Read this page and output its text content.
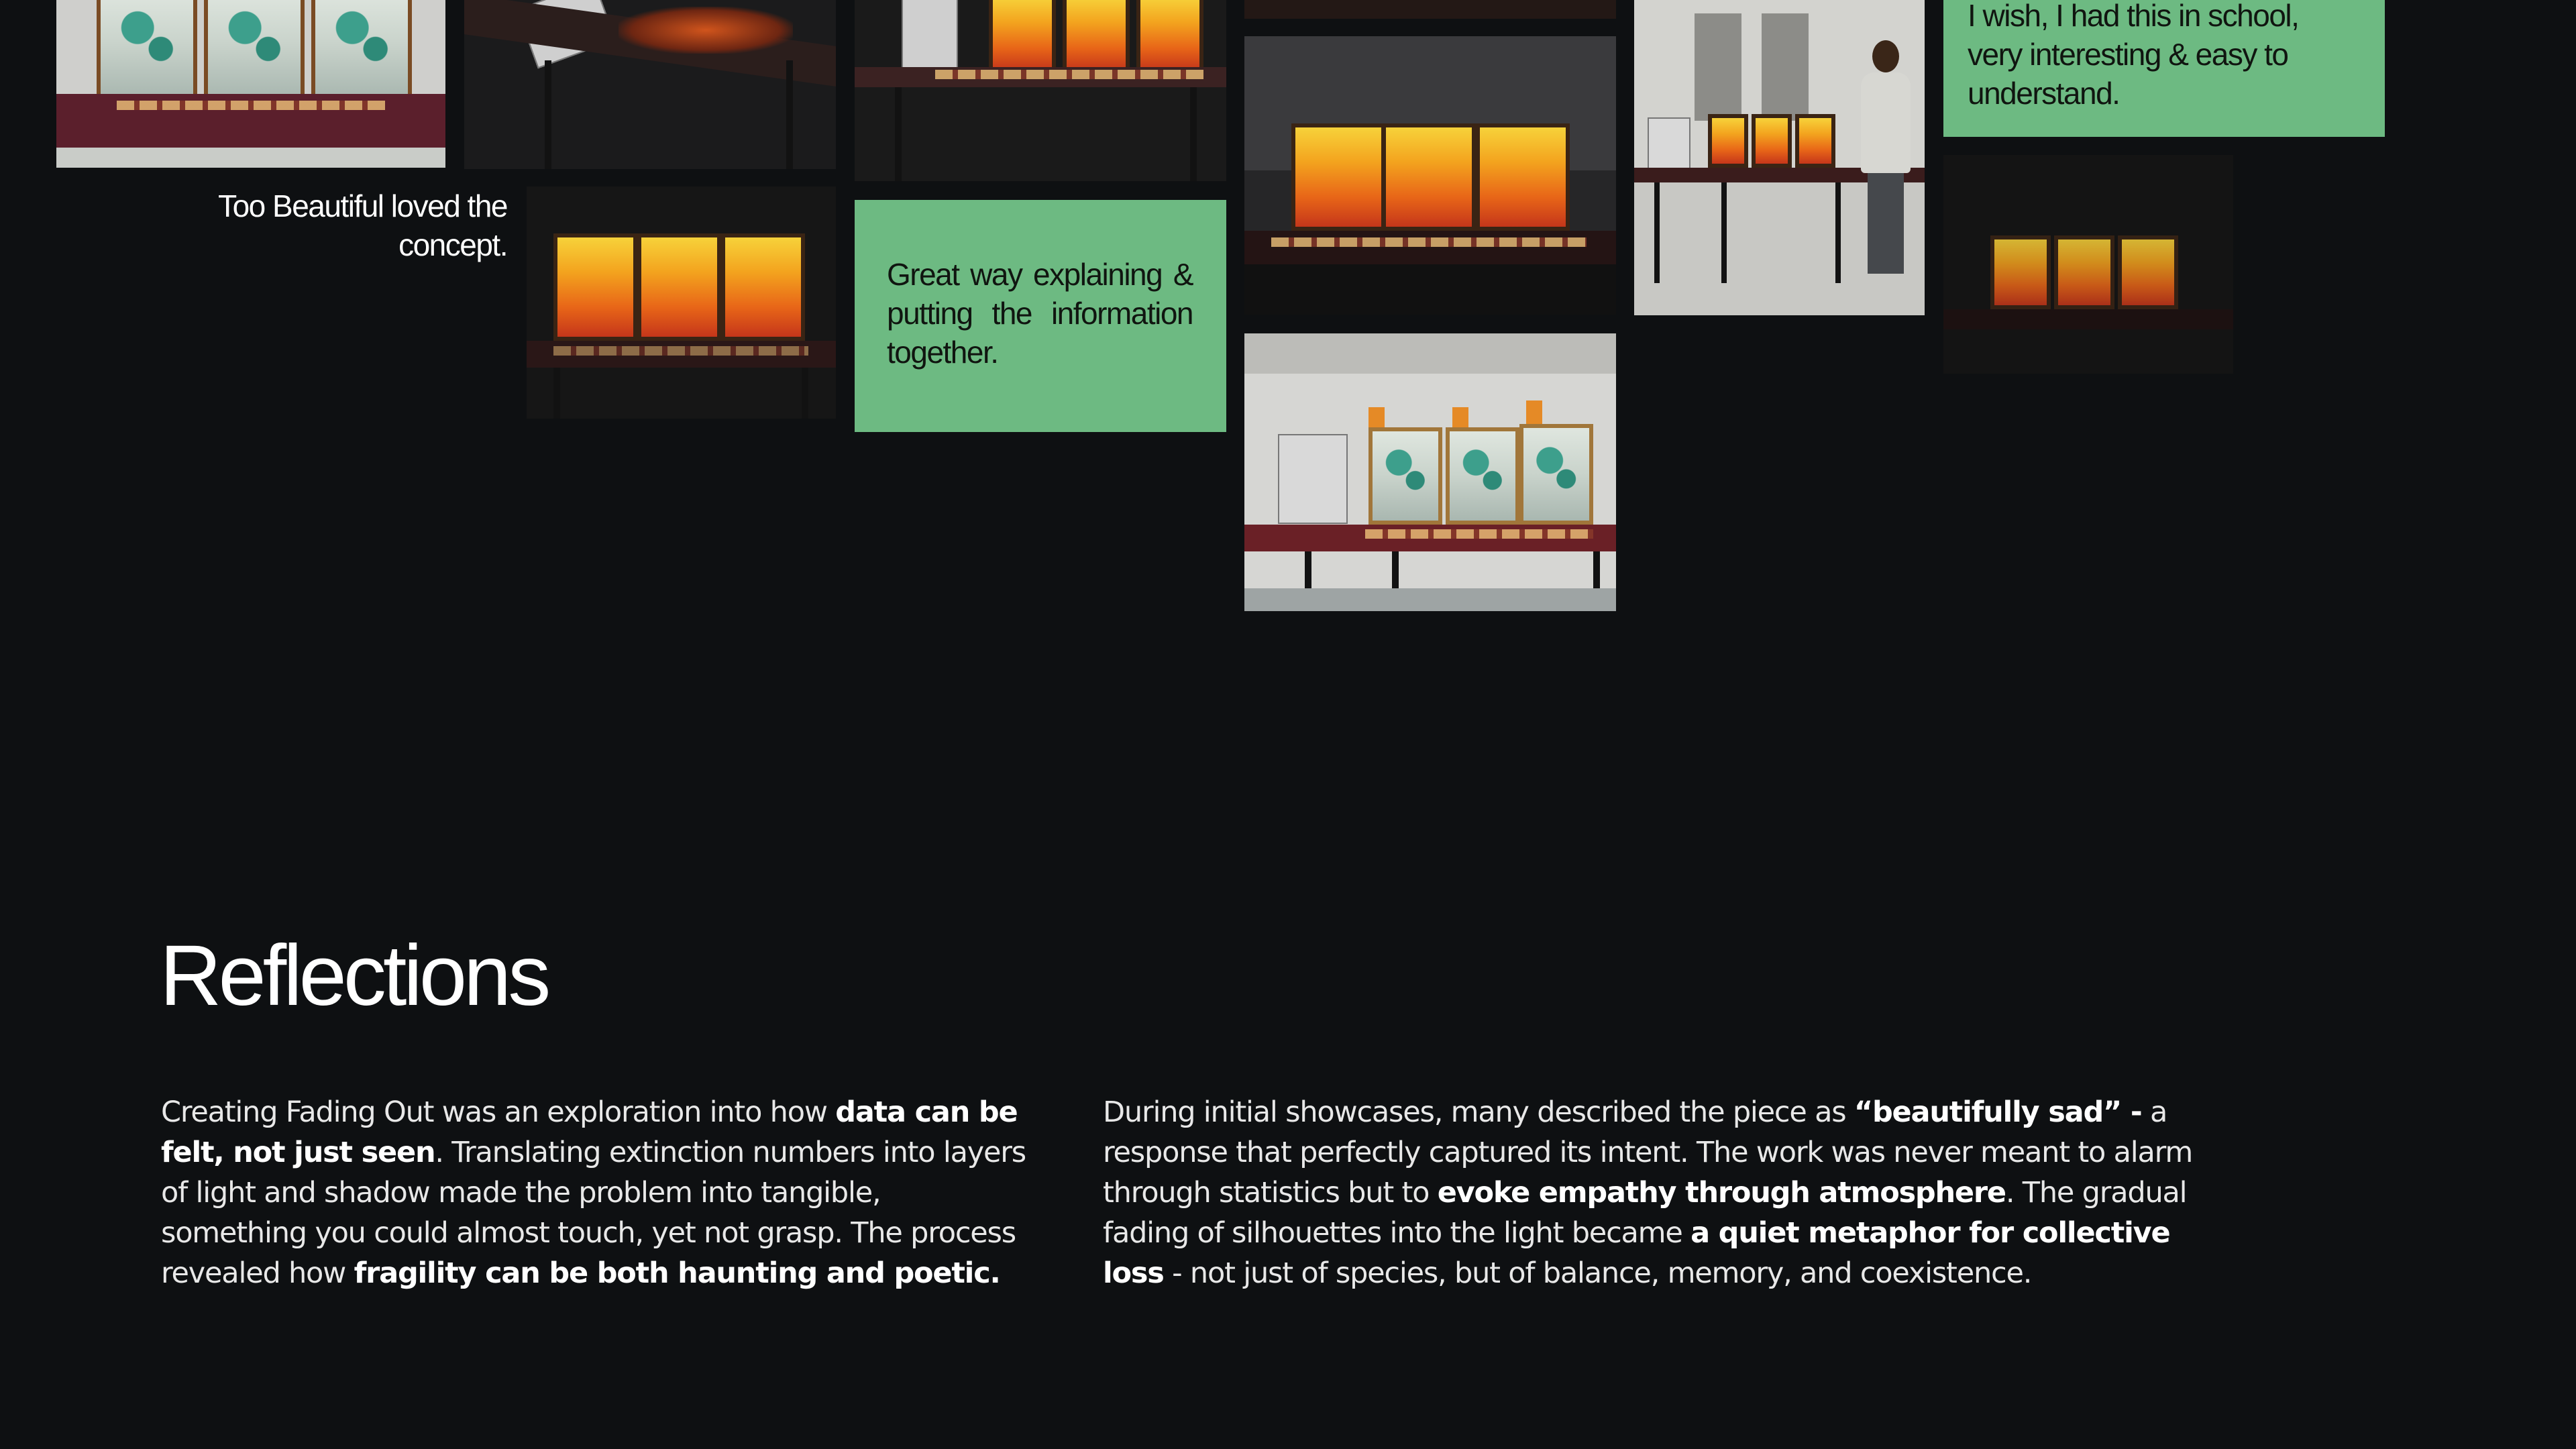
Too Beautiful loved the concept.
Great way explaining & putting the information together.
I wish, I had this in school, very interesting & easy to understand.
Reflections
Creating Fading Out was an exploration into how data can be felt, not just seen. Translating extinction numbers into layers of light and shadow made the problem into tangible, something you could almost touch, yet not grasp. The process revealed how fragility can be both haunting and poetic.
During initial showcases, many described the piece as “beautifully sad” - a response that perfectly captured its intent. The work was never meant to alarm through statistics but to evoke empathy through atmosphere. The gradual fading of silhouettes into the light became a quiet metaphor for collective loss - not just of species, but of balance, memory, and coexistence.
